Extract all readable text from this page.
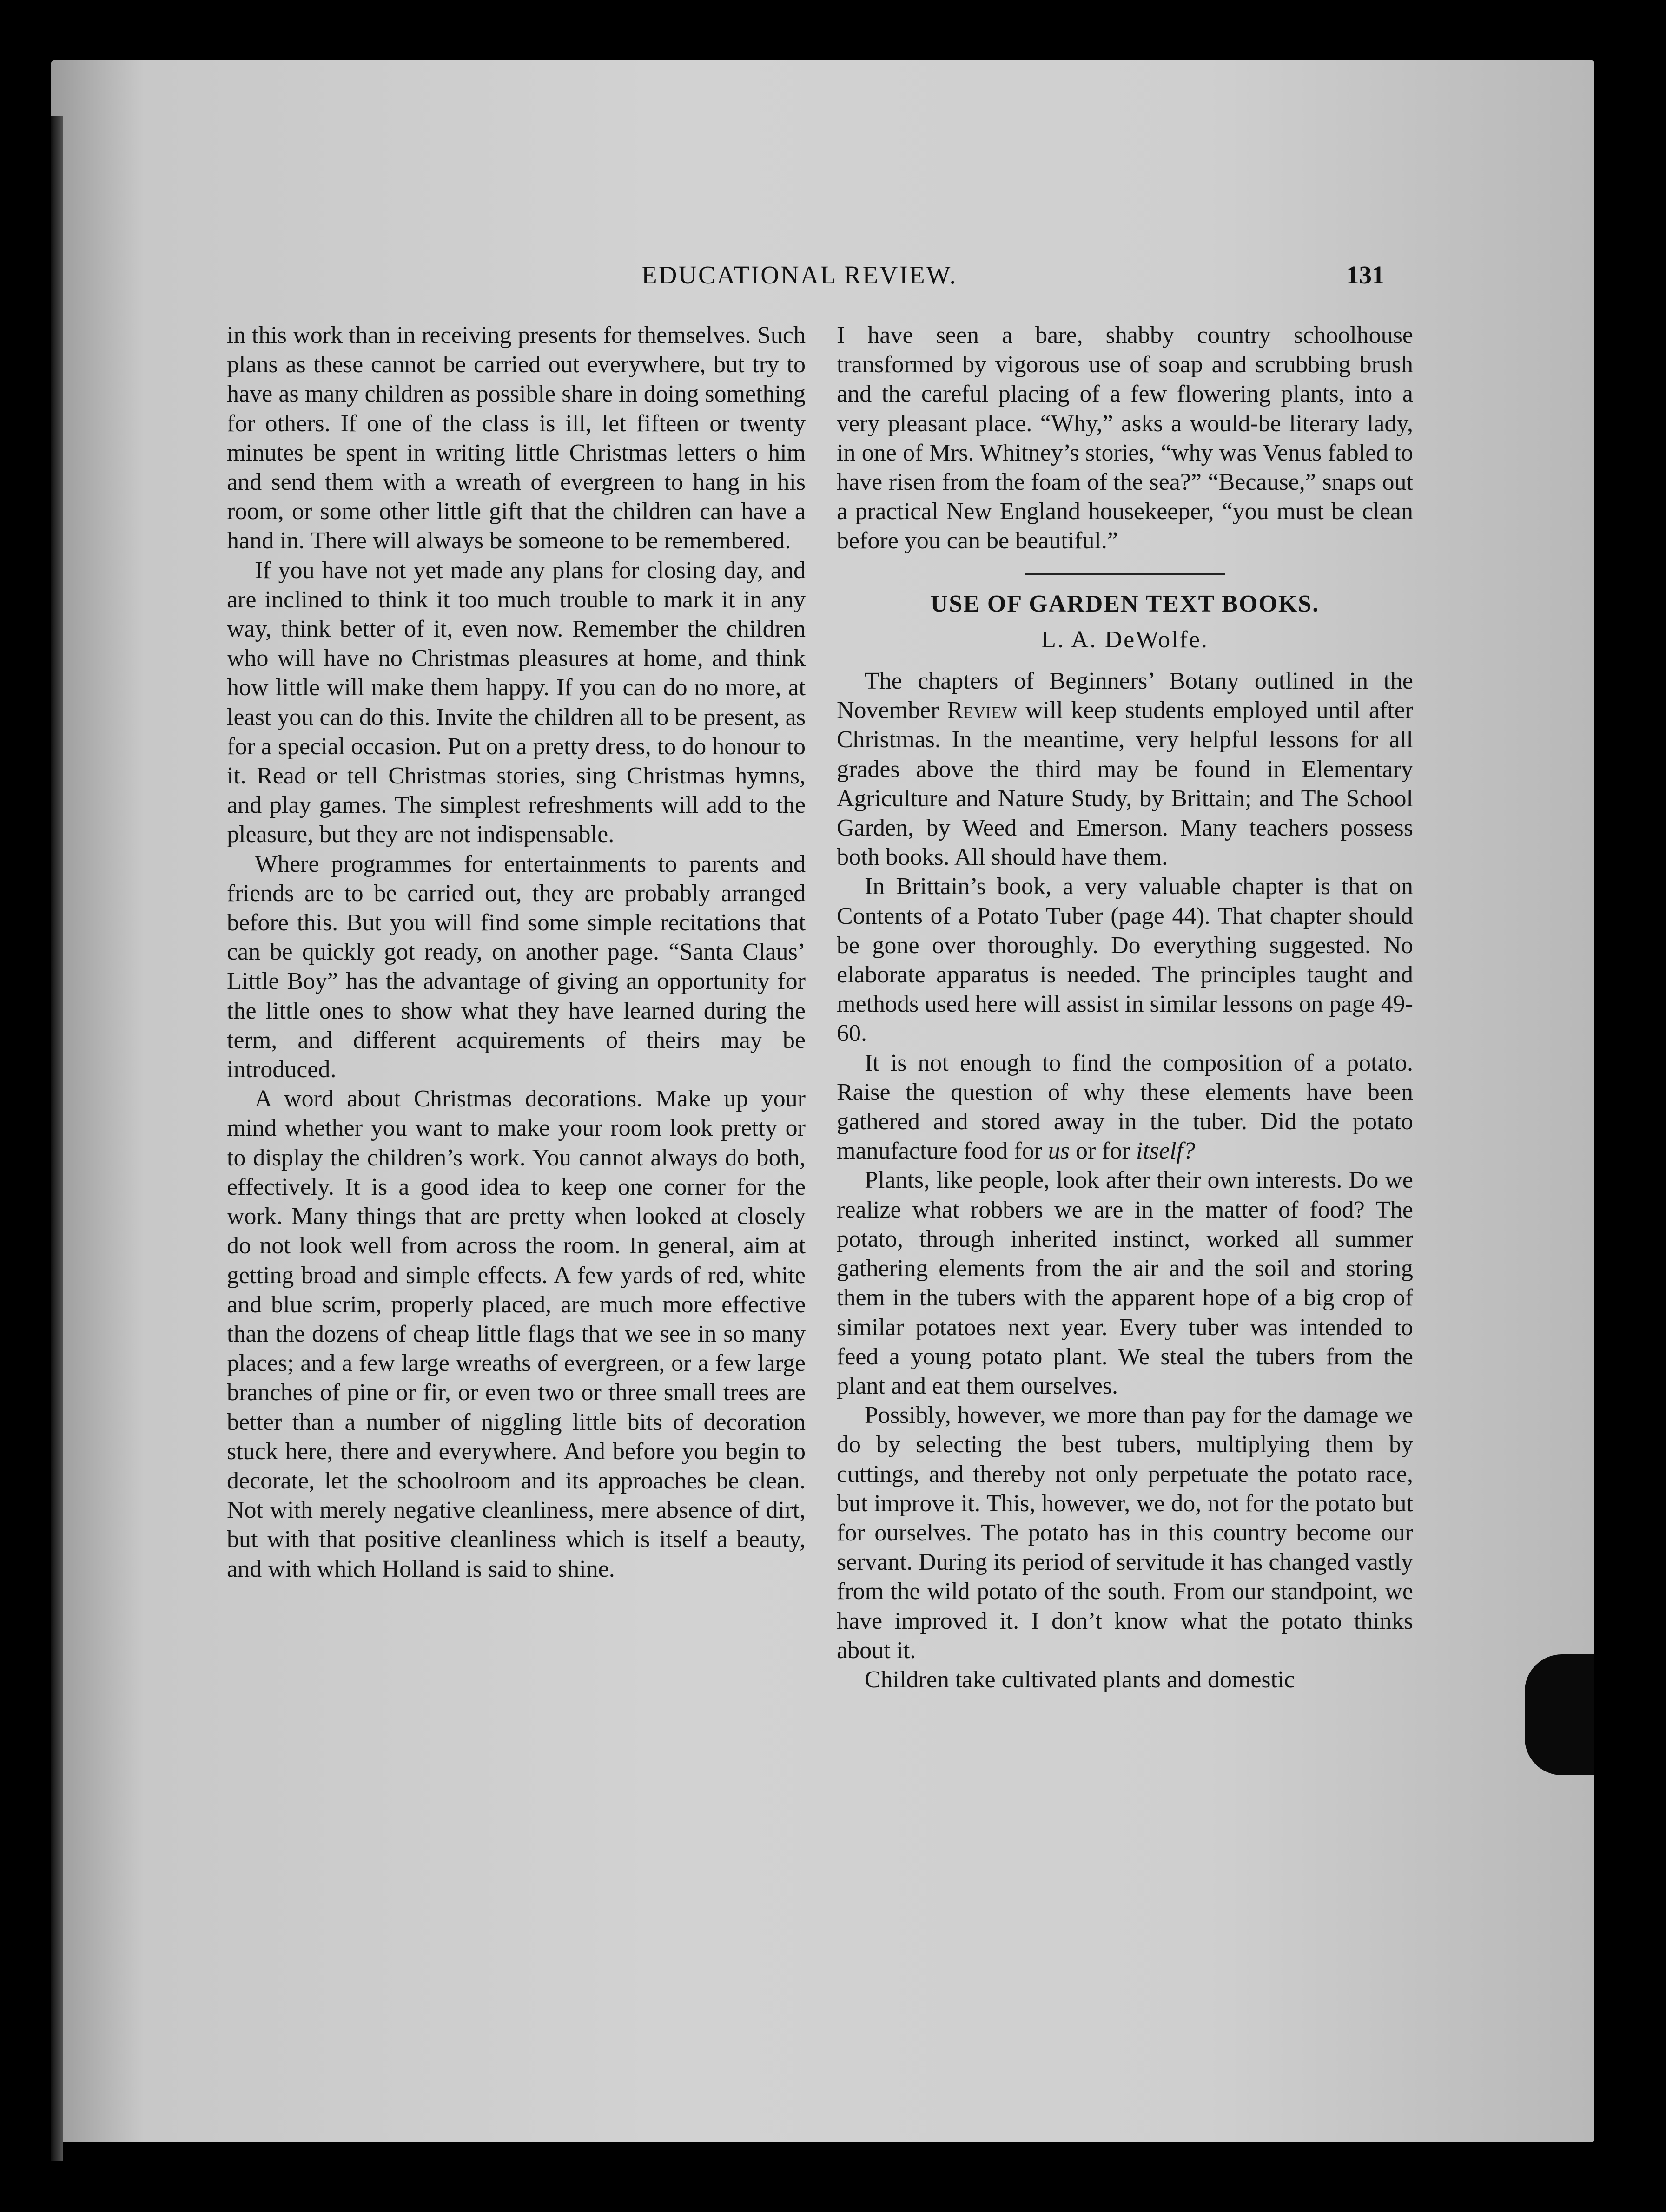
EDUCATIONAL REVIEW.	131

in this work than in receiving presents for themselves. Such plans as these cannot be carried out everywhere, but try to have as many children as possible share in doing something for others. If one of the class is ill, let fifteen or twenty minutes be spent in writing little Christmas letters o him and send them with a wreath of evergreen to hang in his room, or some other little gift that the children can have a hand in. There will always be someone to be remembered.

If you have not yet made any plans for closing day, and are inclined to think it too much trouble to mark it in any way, think better of it, even now. Remember the children who will have no Christmas pleasures at home, and think how little will make them happy. If you can do no more, at least you can do this. Invite the children all to be present, as for a special occasion. Put on a pretty dress, to do honour to it. Read or tell Christmas stories, sing Christmas hymns, and play games. The simplest refreshments will add to the pleasure, but they are not indispensable.

Where programmes for entertainments to parents and friends are to be carried out, they are probably arranged before this. But you will find some simple recitations that can be quickly got ready, on another page. “Santa Claus’ Little Boy” has the advantage of giving an opportunity for the little ones to show what they have learned during the term, and different acquirements of theirs may be introduced.

A word about Christmas decorations. Make up your mind whether you want to make your room look pretty or to display the children’s work. You cannot always do both, effectively. It is a good idea to keep one corner for the work. Many things that are pretty when looked at closely do not look well from across the room. In general, aim at getting broad and simple effects. A few yards of red, white and blue scrim, properly placed, are much more effective than the dozens of cheap little flags that we see in so many places; and a few large wreaths of evergreen, or a few large branches of pine or fir, or even two or three small trees are better than a number of niggling little bits of decoration stuck here, there and everywhere. And before you begin to decorate, let the schoolroom and its approaches be clean. Not with merely negative cleanliness, mere absence of dirt, but with that positive cleanliness which is itself a beauty, and with which Holland is said to shine.

I have seen a bare, shabby country schoolhouse transformed by vigorous use of soap and scrubbing brush and the careful placing of a few flowering plants, into a very pleasant place. “Why,” asks a would-be literary lady, in one of Mrs. Whitney’s stories, “why was Venus fabled to have risen from the foam of the sea?” “Because,” snaps out a practical New England housekeeper, “you must be clean before you can be beautiful.”

USE OF GARDEN TEXT BOOKS.
L. A. DeWolfe.

The chapters of Beginners’ Botany outlined in the November Review will keep students employed until after Christmas. In the meantime, very helpful lessons for all grades above the third may be found in Elementary Agriculture and Nature Study, by Brittain; and The School Garden, by Weed and Emerson. Many teachers possess both books. All should have them.

In Brittain’s book, a very valuable chapter is that on Contents of a Potato Tuber (page 44). That chapter should be gone over thoroughly. Do everything suggested. No elaborate apparatus is needed. The principles taught and methods used here will assist in similar lessons on page 49-60.

It is not enough to find the composition of a potato. Raise the question of why these elements have been gathered and stored away in the tuber. Did the potato manufacture food for us or for itself?

Plants, like people, look after their own interests. Do we realize what robbers we are in the matter of food? The potato, through inherited instinct, worked all summer gathering elements from the air and the soil and storing them in the tubers with the apparent hope of a big crop of similar potatoes next year. Every tuber was intended to feed a young potato plant. We steal the tubers from the plant and eat them ourselves.

Possibly, however, we more than pay for the damage we do by selecting the best tubers, multiplying them by cuttings, and thereby not only perpetuate the potato race, but improve it. This, however, we do, not for the potato but for ourselves. The potato has in this country become our servant. During its period of servitude it has changed vastly from the wild potato of the south. From our standpoint, we have improved it. I don’t know what the potato thinks about it.

Children take cultivated plants and domestic
